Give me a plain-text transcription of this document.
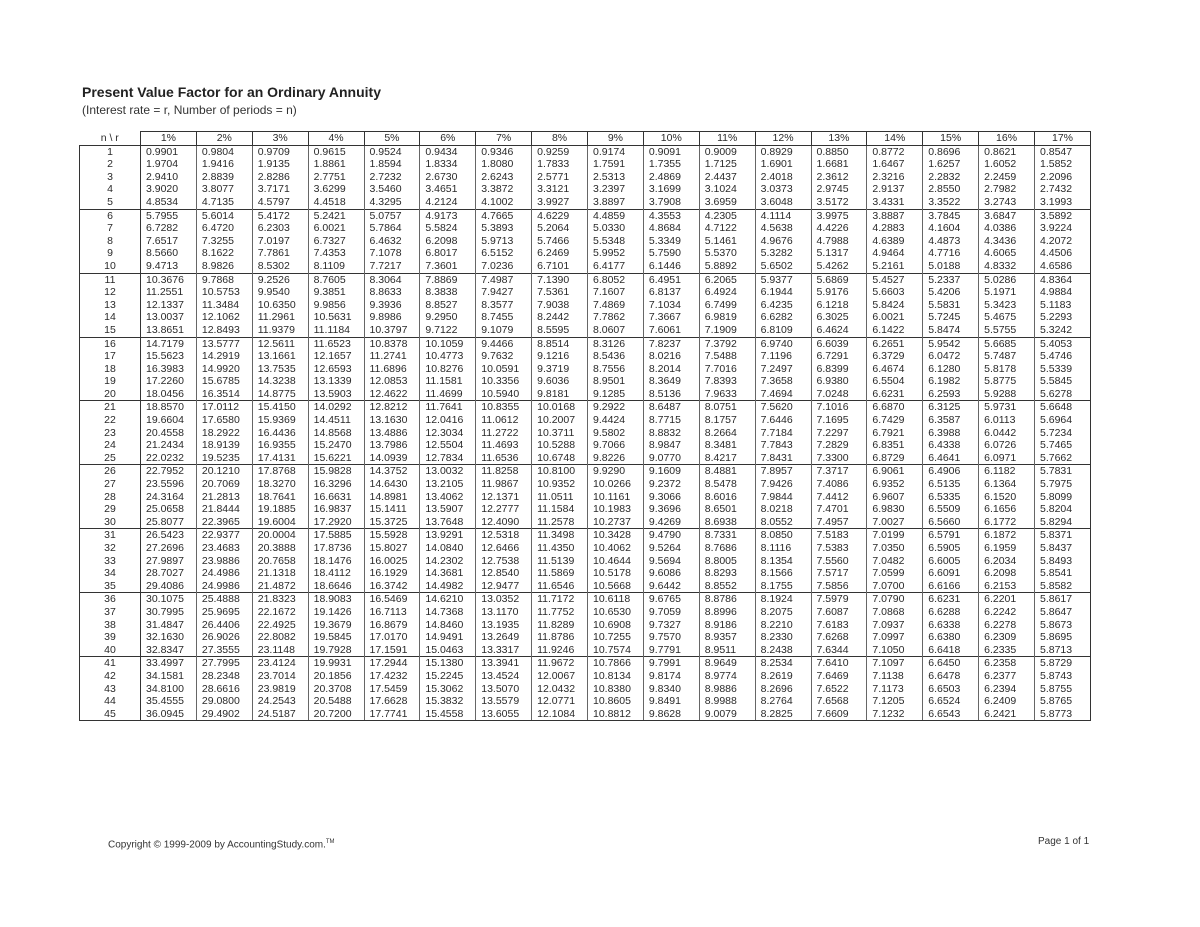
Present Value Factor for an Ordinary Annuity
(Interest rate = r, Number of periods = n)
n \ r	1%	2%	3%	4%	5%	6%	7%	8%	9%	10%	11%	12%	13%	14%	15%	16%	17%
1	0.9901	0.9804	0.9709	0.9615	0.9524	0.9434	0.9346	0.9259	0.9174	0.9091	0.9009	0.8929	0.8850	0.8772	0.8696	0.8621	0.8547
2	1.9704	1.9416	1.9135	1.8861	1.8594	1.8334	1.8080	1.7833	1.7591	1.7355	1.7125	1.6901	1.6681	1.6467	1.6257	1.6052	1.5852
3	2.9410	2.8839	2.8286	2.7751	2.7232	2.6730	2.6243	2.5771	2.5313	2.4869	2.4437	2.4018	2.3612	2.3216	2.2832	2.2459	2.2096
4	3.9020	3.8077	3.7171	3.6299	3.5460	3.4651	3.3872	3.3121	3.2397	3.1699	3.1024	3.0373	2.9745	2.9137	2.8550	2.7982	2.7432
5	4.8534	4.7135	4.5797	4.4518	4.3295	4.2124	4.1002	3.9927	3.8897	3.7908	3.6959	3.6048	3.5172	3.4331	3.3522	3.2743	3.1993
6	5.7955	5.6014	5.4172	5.2421	5.0757	4.9173	4.7665	4.6229	4.4859	4.3553	4.2305	4.1114	3.9975	3.8887	3.7845	3.6847	3.5892
7	6.7282	6.4720	6.2303	6.0021	5.7864	5.5824	5.3893	5.2064	5.0330	4.8684	4.7122	4.5638	4.4226	4.2883	4.1604	4.0386	3.9224
8	7.6517	7.3255	7.0197	6.7327	6.4632	6.2098	5.9713	5.7466	5.5348	5.3349	5.1461	4.9676	4.7988	4.6389	4.4873	4.3436	4.2072
9	8.5660	8.1622	7.7861	7.4353	7.1078	6.8017	6.5152	6.2469	5.9952	5.7590	5.5370	5.3282	5.1317	4.9464	4.7716	4.6065	4.4506
10	9.4713	8.9826	8.5302	8.1109	7.7217	7.3601	7.0236	6.7101	6.4177	6.1446	5.8892	5.6502	5.4262	5.2161	5.0188	4.8332	4.6586
11	10.3676	9.7868	9.2526	8.7605	8.3064	7.8869	7.4987	7.1390	6.8052	6.4951	6.2065	5.9377	5.6869	5.4527	5.2337	5.0286	4.8364
12	11.2551	10.5753	9.9540	9.3851	8.8633	8.3838	7.9427	7.5361	7.1607	6.8137	6.4924	6.1944	5.9176	5.6603	5.4206	5.1971	4.9884
13	12.1337	11.3484	10.6350	9.9856	9.3936	8.8527	8.3577	7.9038	7.4869	7.1034	6.7499	6.4235	6.1218	5.8424	5.5831	5.3423	5.1183
14	13.0037	12.1062	11.2961	10.5631	9.8986	9.2950	8.7455	8.2442	7.7862	7.3667	6.9819	6.6282	6.3025	6.0021	5.7245	5.4675	5.2293
15	13.8651	12.8493	11.9379	11.1184	10.3797	9.7122	9.1079	8.5595	8.0607	7.6061	7.1909	6.8109	6.4624	6.1422	5.8474	5.5755	5.3242
16	14.7179	13.5777	12.5611	11.6523	10.8378	10.1059	9.4466	8.8514	8.3126	7.8237	7.3792	6.9740	6.6039	6.2651	5.9542	5.6685	5.4053
17	15.5623	14.2919	13.1661	12.1657	11.2741	10.4773	9.7632	9.1216	8.5436	8.0216	7.5488	7.1196	6.7291	6.3729	6.0472	5.7487	5.4746
18	16.3983	14.9920	13.7535	12.6593	11.6896	10.8276	10.0591	9.3719	8.7556	8.2014	7.7016	7.2497	6.8399	6.4674	6.1280	5.8178	5.5339
19	17.2260	15.6785	14.3238	13.1339	12.0853	11.1581	10.3356	9.6036	8.9501	8.3649	7.8393	7.3658	6.9380	6.5504	6.1982	5.8775	5.5845
20	18.0456	16.3514	14.8775	13.5903	12.4622	11.4699	10.5940	9.8181	9.1285	8.5136	7.9633	7.4694	7.0248	6.6231	6.2593	5.9288	5.6278
21	18.8570	17.0112	15.4150	14.0292	12.8212	11.7641	10.8355	10.0168	9.2922	8.6487	8.0751	7.5620	7.1016	6.6870	6.3125	5.9731	5.6648
22	19.6604	17.6580	15.9369	14.4511	13.1630	12.0416	11.0612	10.2007	9.4424	8.7715	8.1757	7.6446	7.1695	6.7429	6.3587	6.0113	5.6964
23	20.4558	18.2922	16.4436	14.8568	13.4886	12.3034	11.2722	10.3711	9.5802	8.8832	8.2664	7.7184	7.2297	6.7921	6.3988	6.0442	5.7234
24	21.2434	18.9139	16.9355	15.2470	13.7986	12.5504	11.4693	10.5288	9.7066	8.9847	8.3481	7.7843	7.2829	6.8351	6.4338	6.0726	5.7465
25	22.0232	19.5235	17.4131	15.6221	14.0939	12.7834	11.6536	10.6748	9.8226	9.0770	8.4217	7.8431	7.3300	6.8729	6.4641	6.0971	5.7662
26	22.7952	20.1210	17.8768	15.9828	14.3752	13.0032	11.8258	10.8100	9.9290	9.1609	8.4881	7.8957	7.3717	6.9061	6.4906	6.1182	5.7831
27	23.5596	20.7069	18.3270	16.3296	14.6430	13.2105	11.9867	10.9352	10.0266	9.2372	8.5478	7.9426	7.4086	6.9352	6.5135	6.1364	5.7975
28	24.3164	21.2813	18.7641	16.6631	14.8981	13.4062	12.1371	11.0511	10.1161	9.3066	8.6016	7.9844	7.4412	6.9607	6.5335	6.1520	5.8099
29	25.0658	21.8444	19.1885	16.9837	15.1411	13.5907	12.2777	11.1584	10.1983	9.3696	8.6501	8.0218	7.4701	6.9830	6.5509	6.1656	5.8204
30	25.8077	22.3965	19.6004	17.2920	15.3725	13.7648	12.4090	11.2578	10.2737	9.4269	8.6938	8.0552	7.4957	7.0027	6.5660	6.1772	5.8294
31	26.5423	22.9377	20.0004	17.5885	15.5928	13.9291	12.5318	11.3498	10.3428	9.4790	8.7331	8.0850	7.5183	7.0199	6.5791	6.1872	5.8371
32	27.2696	23.4683	20.3888	17.8736	15.8027	14.0840	12.6466	11.4350	10.4062	9.5264	8.7686	8.1116	7.5383	7.0350	6.5905	6.1959	5.8437
33	27.9897	23.9886	20.7658	18.1476	16.0025	14.2302	12.7538	11.5139	10.4644	9.5694	8.8005	8.1354	7.5560	7.0482	6.6005	6.2034	5.8493
34	28.7027	24.4986	21.1318	18.4112	16.1929	14.3681	12.8540	11.5869	10.5178	9.6086	8.8293	8.1566	7.5717	7.0599	6.6091	6.2098	5.8541
35	29.4086	24.9986	21.4872	18.6646	16.3742	14.4982	12.9477	11.6546	10.5668	9.6442	8.8552	8.1755	7.5856	7.0700	6.6166	6.2153	5.8582
36	30.1075	25.4888	21.8323	18.9083	16.5469	14.6210	13.0352	11.7172	10.6118	9.6765	8.8786	8.1924	7.5979	7.0790	6.6231	6.2201	5.8617
37	30.7995	25.9695	22.1672	19.1426	16.7113	14.7368	13.1170	11.7752	10.6530	9.7059	8.8996	8.2075	7.6087	7.0868	6.6288	6.2242	5.8647
38	31.4847	26.4406	22.4925	19.3679	16.8679	14.8460	13.1935	11.8289	10.6908	9.7327	8.9186	8.2210	7.6183	7.0937	6.6338	6.2278	5.8673
39	32.1630	26.9026	22.8082	19.5845	17.0170	14.9491	13.2649	11.8786	10.7255	9.7570	8.9357	8.2330	7.6268	7.0997	6.6380	6.2309	5.8695
40	32.8347	27.3555	23.1148	19.7928	17.1591	15.0463	13.3317	11.9246	10.7574	9.7791	8.9511	8.2438	7.6344	7.1050	6.6418	6.2335	5.8713
41	33.4997	27.7995	23.4124	19.9931	17.2944	15.1380	13.3941	11.9672	10.7866	9.7991	8.9649	8.2534	7.6410	7.1097	6.6450	6.2358	5.8729
42	34.1581	28.2348	23.7014	20.1856	17.4232	15.2245	13.4524	12.0067	10.8134	9.8174	8.9774	8.2619	7.6469	7.1138	6.6478	6.2377	5.8743
43	34.8100	28.6616	23.9819	20.3708	17.5459	15.3062	13.5070	12.0432	10.8380	9.8340	8.9886	8.2696	7.6522	7.1173	6.6503	6.2394	5.8755
44	35.4555	29.0800	24.2543	20.5488	17.6628	15.3832	13.5579	12.0771	10.8605	9.8491	8.9988	8.2764	7.6568	7.1205	6.6524	6.2409	5.8765
45	36.0945	29.4902	24.5187	20.7200	17.7741	15.4558	13.6055	12.1084	10.8812	9.8628	9.0079	8.2825	7.6609	7.1232	6.6543	6.2421	5.8773
Copyright © 1999-2009 by AccountingStudy.com.™	Page 1 of 1
